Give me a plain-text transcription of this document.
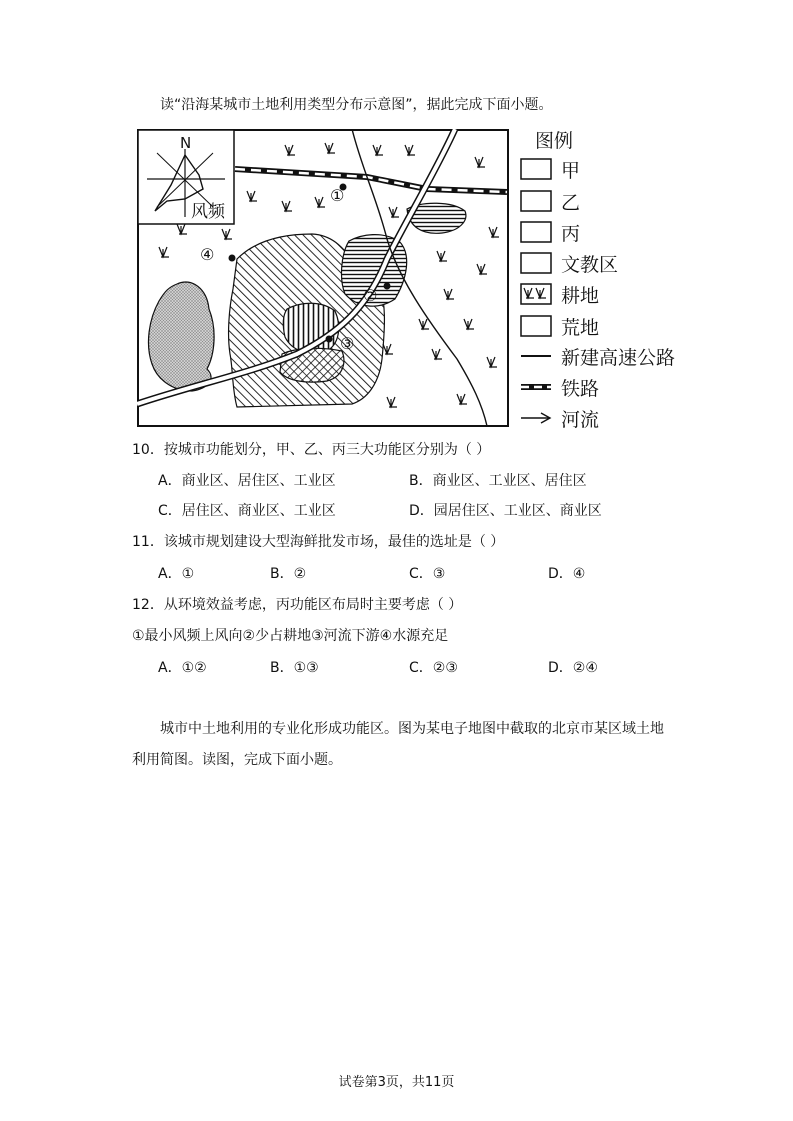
读“沿海某城市土地利用类型分布示意图”，据此完成下面小题。
N
风频
①
②
③
④
图例
甲
乙
丙
文教区
耕地
荒地
新建高速公路
铁路
河流
10．按城市功能划分，甲、乙、丙三大功能区分别为（ ）
A．商业区、居住区、工业区	B．商业区、工业区、居住区
C．居住区、商业区、工业区	D．园居住区、工业区、商业区
11．该城市规划建设大型海鲜批发市场，最佳的选址是（ ）
A．①	B．②	C．③	D．④
12．从环境效益考虑，丙功能区布局时主要考虑（ ）
①最小风频上风向②少占耕地③河流下游④水源充足
A．①②	B．①③	C．②③	D．②④
城市中土地利用的专业化形成功能区。图为某电子地图中截取的北京市某区域土地
利用简图。读图，完成下面小题。
试卷第3页，共11页
